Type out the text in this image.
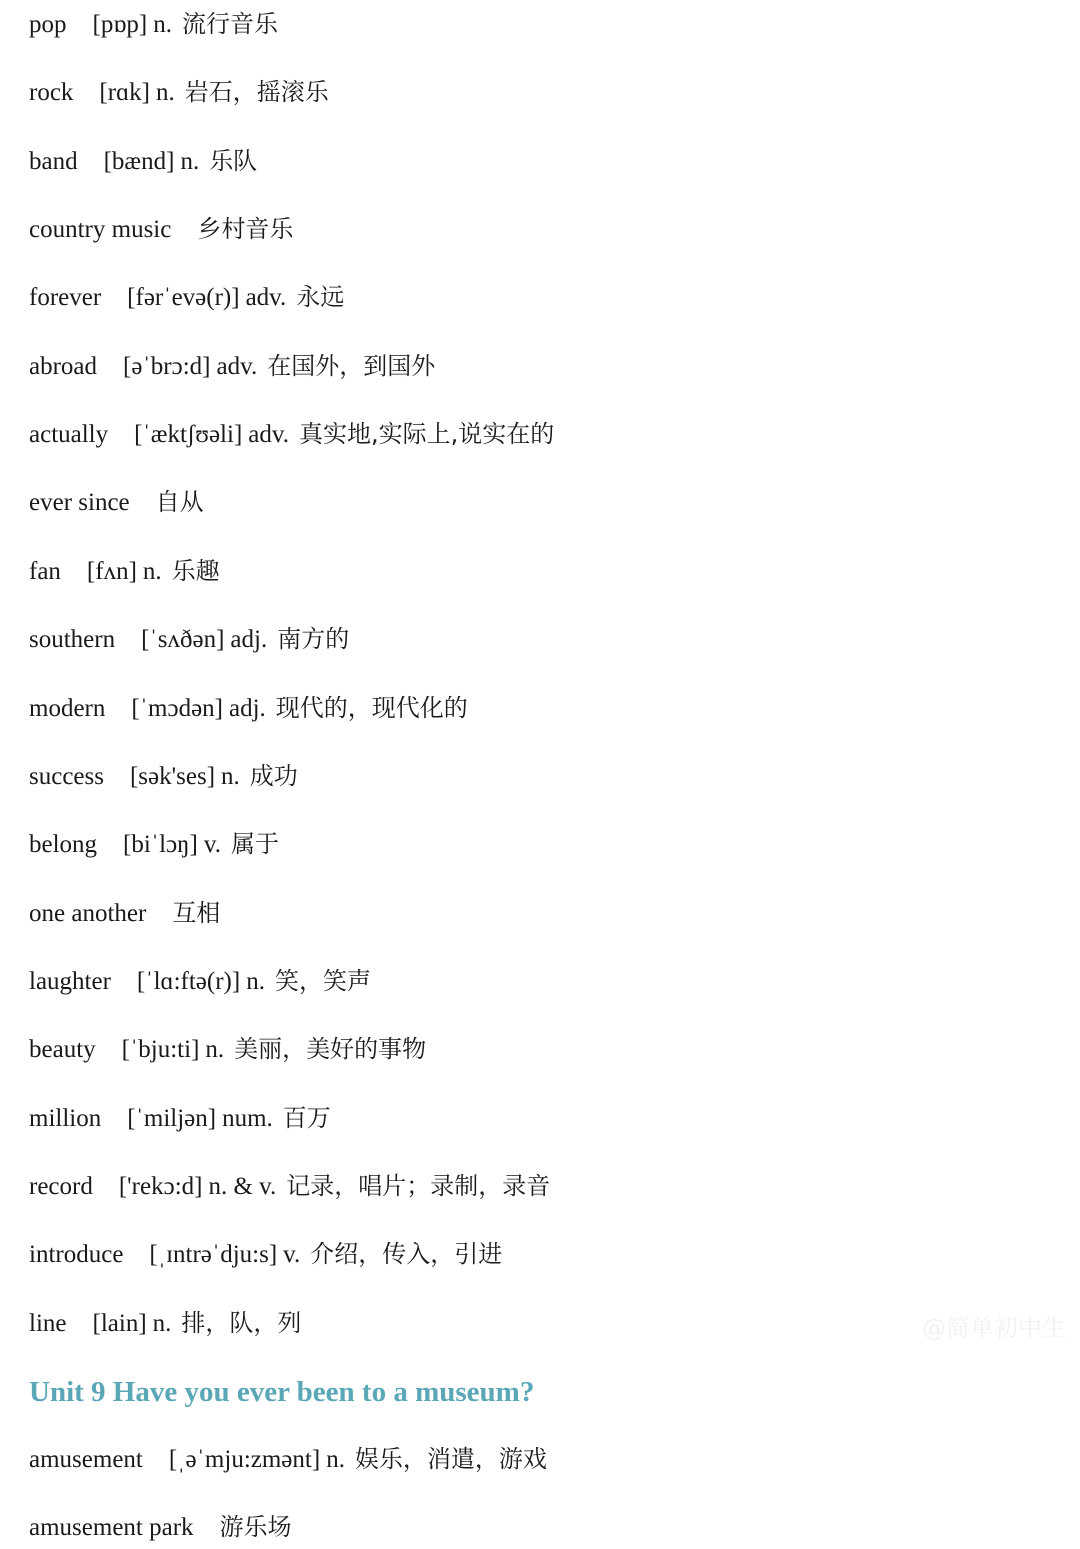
pop [pɒp] n. 流行音乐
rock [rɑk] n. 岩石，摇滚乐
band [bænd] n. 乐队
country music 乡村音乐
forever [fərˈevə(r)] adv. 永远
abroad [əˈbrɔ:d] adv. 在国外，到国外
actually [ˈæktʃʊəli] adv. 真实地,实际上,说实在的
ever since 自从
fan [fʌn] n. 乐趣
southern [ˈsʌðən] adj. 南方的
modern [ˈmɔdən] adj. 现代的，现代化的
success [sək'ses] n. 成功
belong [biˈlɔŋ] v. 属于
one another 互相
laughter [ˈlɑ:ftə(r)] n. 笑，笑声
beauty [ˈbju:ti] n. 美丽，美好的事物
million [ˈmiljən] num. 百万
record ['rekɔ:d] n. & v. 记录，唱片；录制，录音
introduce [ˌɪntrəˈdju:s] v. 介绍，传入，引进
line [lain] n. 排，队，列
Unit 9 Have you ever been to a museum?
amusement [ˌəˈmju:zmənt] n. 娱乐，消遣，游戏
amusement park 游乐场
@简单初中生
